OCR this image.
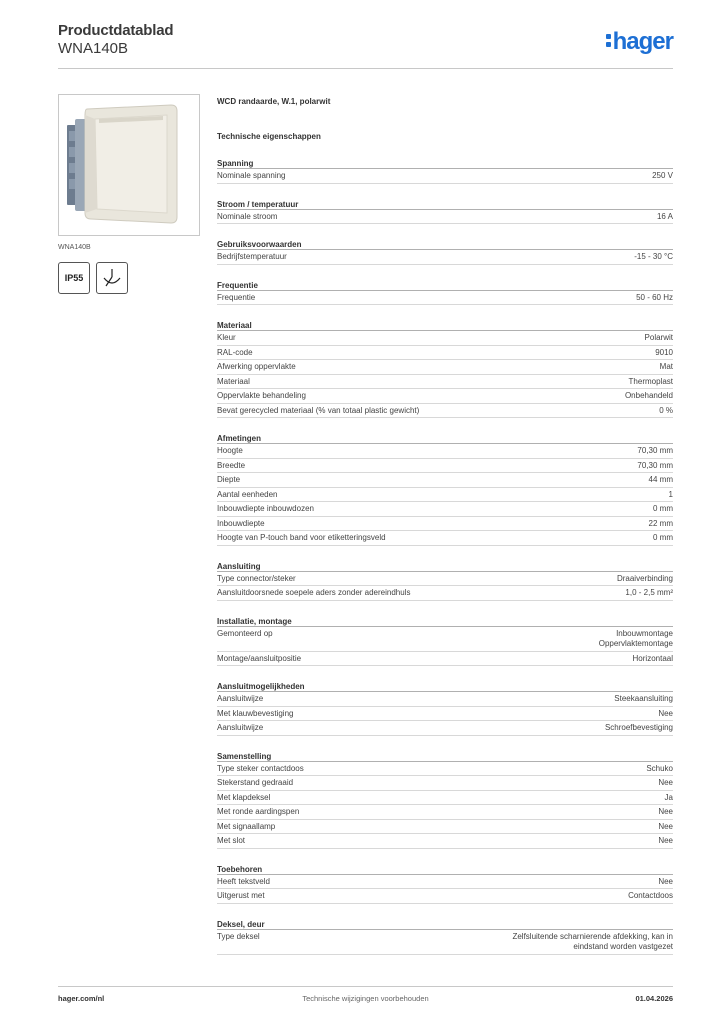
Productdatablad
WNA140B	hager
WNA140B
IP55
WCD randaarde, W.1, polarwit
Technische eigenschappen
Spanning
Nominale spanning	250 V
Stroom / temperatuur
Nominale stroom	16 A
Gebruiksvoorwaarden
Bedrijfstemperatuur	-15 - 30 °C
Frequentie
Frequentie	50 - 60 Hz
Materiaal
Kleur	Polarwit
RAL-code	9010
Afwerking oppervlakte	Mat
Materiaal	Thermoplast
Oppervlakte behandeling	Onbehandeld
Bevat gerecycled materiaal (% van totaal plastic gewicht)	0 %
Afmetingen
Hoogte	70,30 mm
Breedte	70,30 mm
Diepte	44 mm
Aantal eenheden	1
Inbouwdiepte inbouwdozen	0 mm
Inbouwdiepte	22 mm
Hoogte van P-touch band voor etiketteringsveld	0 mm
Aansluiting
Type connector/steker	Draaiverbinding
Aansluitdoorsnede soepele aders zonder adereindhuls	1,0 - 2,5 mm²
Installatie, montage
Gemonteerd op	Inbouwmontage
Oppervlaktemontage
Montage/aansluitpositie	Horizontaal
Aansluitmogelijkheden
Aansluitwijze	Steekaansluiting
Met klauwbevestiging	Nee
Aansluitwijze	Schroefbevestiging
Samenstelling
Type steker contactdoos	Schuko
Stekerstand gedraaid	Nee
Met klapdeksel	Ja
Met ronde aardingspen	Nee
Met signaallamp	Nee
Met slot	Nee
Toebehoren
Heeft tekstveld	Nee
Uitgerust met	Contactdoos
Deksel, deur
Type deksel	Zelfsluitende scharnierende afdekking, kan in
eindstand worden vastgezet
hager.com/nl	Technische wijzigingen voorbehouden	01.04.2026
